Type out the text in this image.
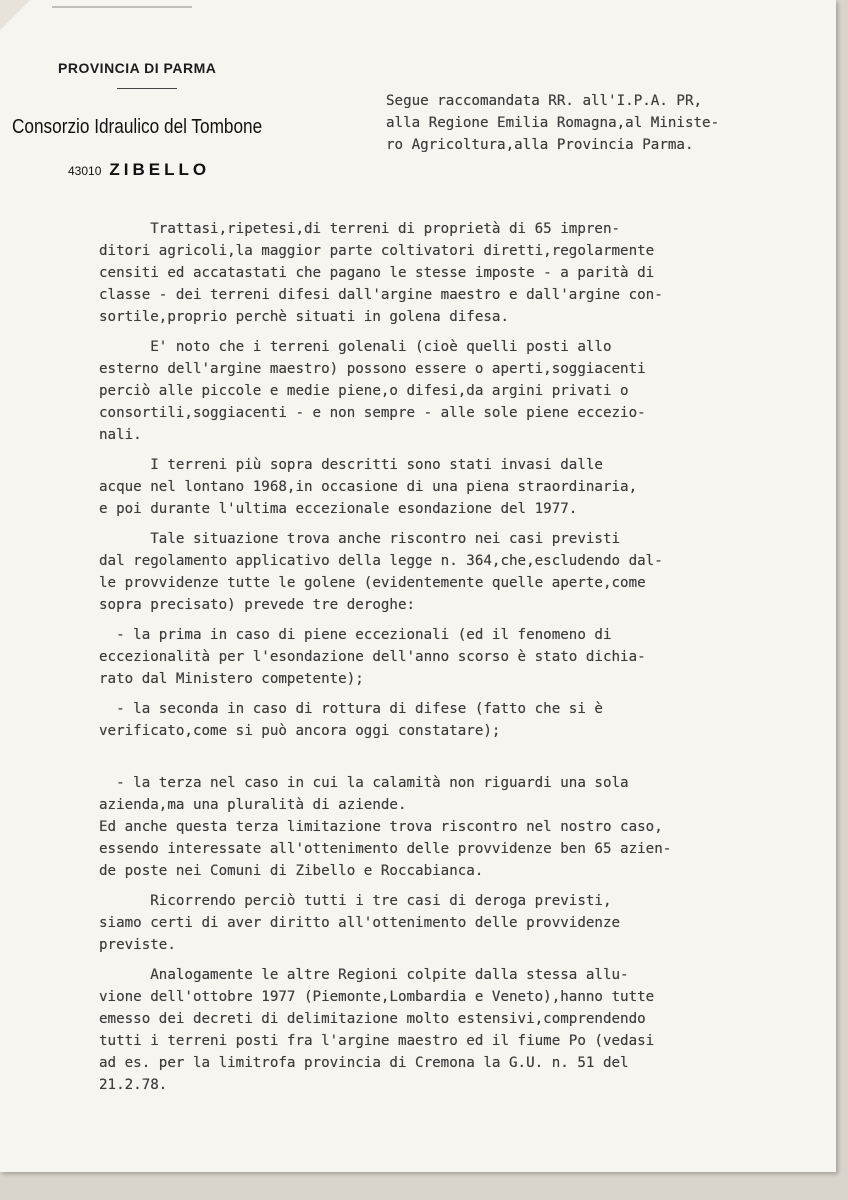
PROVINCIA DI PARMA
Consorzio Idraulico del Tombone
43010 ZIBELLO
Segue raccomandata RR. all'I.P.A. PR,
alla Regione Emilia Romagna,al Ministe-
ro Agricoltura,alla Provincia Parma.
Trattasi,ripetesi,di terreni di proprietà di 65 impren-
ditori agricoli,la maggior parte coltivatori diretti,regolarmente
censiti ed accatastati che pagano le stesse imposte - a parità di
classe - dei terreni difesi dall'argine maestro e dall'argine con-
sortile,proprio perchè situati in golena difesa.
E' noto che i terreni golenali (cioè quelli posti allo
esterno dell'argine maestro) possono essere o aperti,soggiacenti
perciò alle piccole e medie piene,o difesi,da argini privati o
consortili,soggiacenti - e non sempre - alle sole piene eccezio-
nali.
I terreni più sopra descritti sono stati invasi dalle
acque nel lontano 1968,in occasione di una piena straordinaria,
e poi durante l'ultima eccezionale esondazione del 1977.
Tale situazione trova anche riscontro nei casi previsti
dal regolamento applicativo della legge n. 364,che,escludendo dal-
le provvidenze tutte le golene (evidentemente quelle aperte,come
sopra precisato) prevede tre deroghe:
- la prima in caso di piene eccezionali (ed il fenomeno di
eccezionalità per l'esondazione dell'anno scorso è stato dichia-
rato dal Ministero competente);
- la seconda in caso di rottura di difese (fatto che si è
verificato,come si può ancora oggi constatare);
- la terza nel caso in cui la calamità non riguardi una sola
azienda,ma una pluralità di aziende.
Ed anche questa terza limitazione trova riscontro nel nostro caso,
essendo interessate all'ottenimento delle provvidenze ben 65 azien-
de poste nei Comuni di Zibello e Roccabianca.
Ricorrendo perciò tutti i tre casi di deroga previsti,
siamo certi di aver diritto all'ottenimento delle provvidenze
previste.
Analogamente le altre Regioni colpite dalla stessa allu-
vione dell'ottobre 1977 (Piemonte,Lombardia e Veneto),hanno tutte
emesso dei decreti di delimitazione molto estensivi,comprendendo
tutti i terreni posti fra l'argine maestro ed il fiume Po (vedasi
ad es. per la limitrofa provincia di Cremona la G.U. n. 51 del
21.2.78.
